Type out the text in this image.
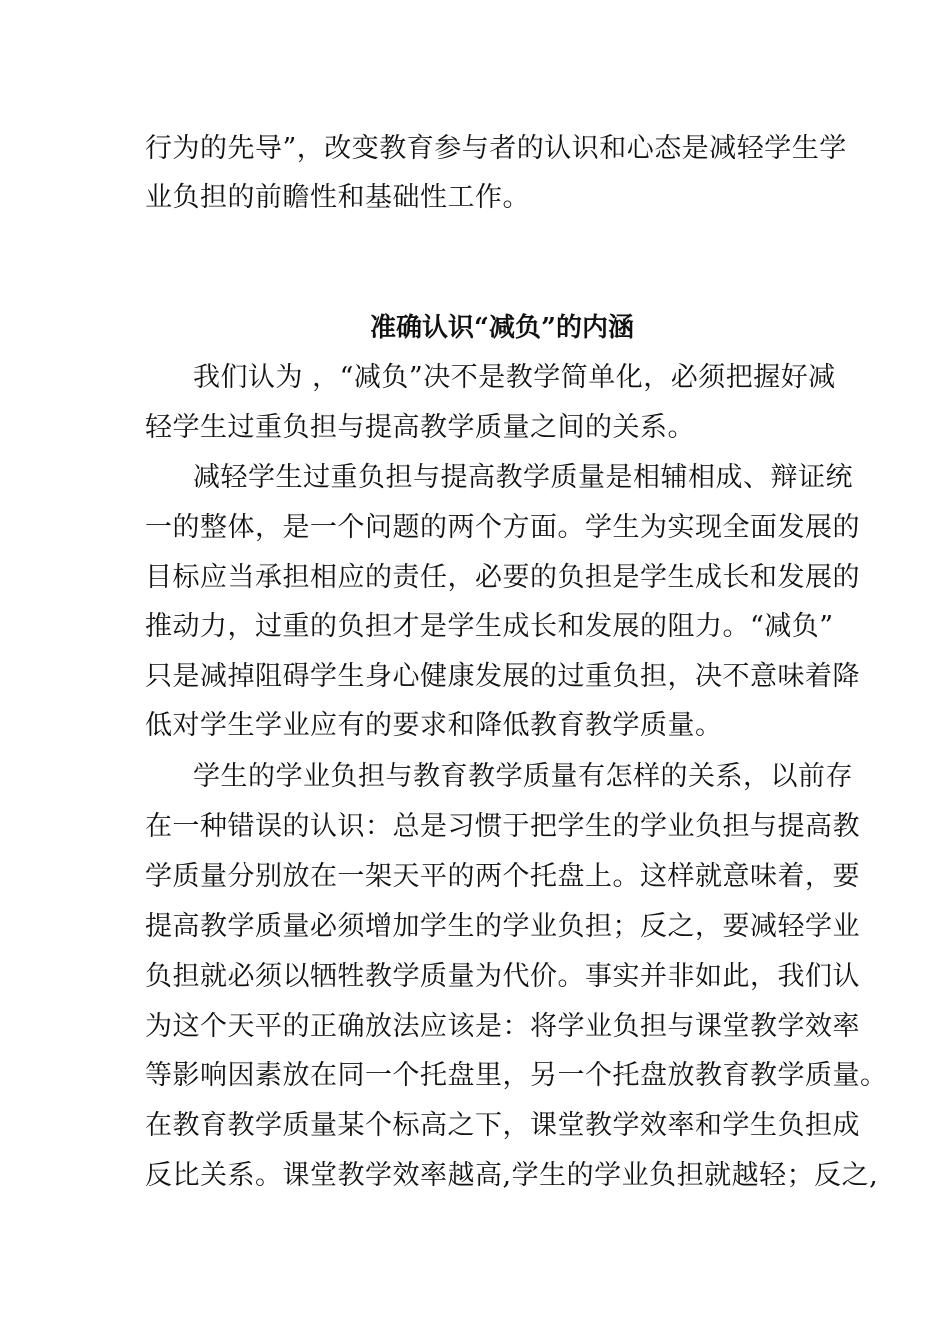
行为的先导”，改变教育参与者的认识和心态是减轻学生学
业负担的前瞻性和基础性工作。
准确认识“减负”的内涵
我们认为 ，“减负”决不是教学简单化，必须把握好减
轻学生过重负担与提高教学质量之间的关系。
减轻学生过重负担与提高教学质量是相辅相成、辩证统
一的整体，是一个问题的两个方面。学生为实现全面发展的
目标应当承担相应的责任，必要的负担是学生成长和发展的
推动力，过重的负担才是学生成长和发展的阻力。“减负”
只是减掉阻碍学生身心健康发展的过重负担，决不意味着降
低对学生学业应有的要求和降低教育教学质量。
学生的学业负担与教育教学质量有怎样的关系，以前存
在一种错误的认识：总是习惯于把学生的学业负担与提高教
学质量分别放在一架天平的两个托盘上。这样就意味着，要
提高教学质量必须增加学生的学业负担；反之，要减轻学业
负担就必须以牺牲教学质量为代价。事实并非如此，我们认
为这个天平的正确放法应该是：将学业负担与课堂教学效率
等影响因素放在同一个托盘里，另一个托盘放教育教学质量。
在教育教学质量某个标高之下，课堂教学效率和学生负担成
反比关系。课堂教学效率越高,学生的学业负担就越轻；反之,
